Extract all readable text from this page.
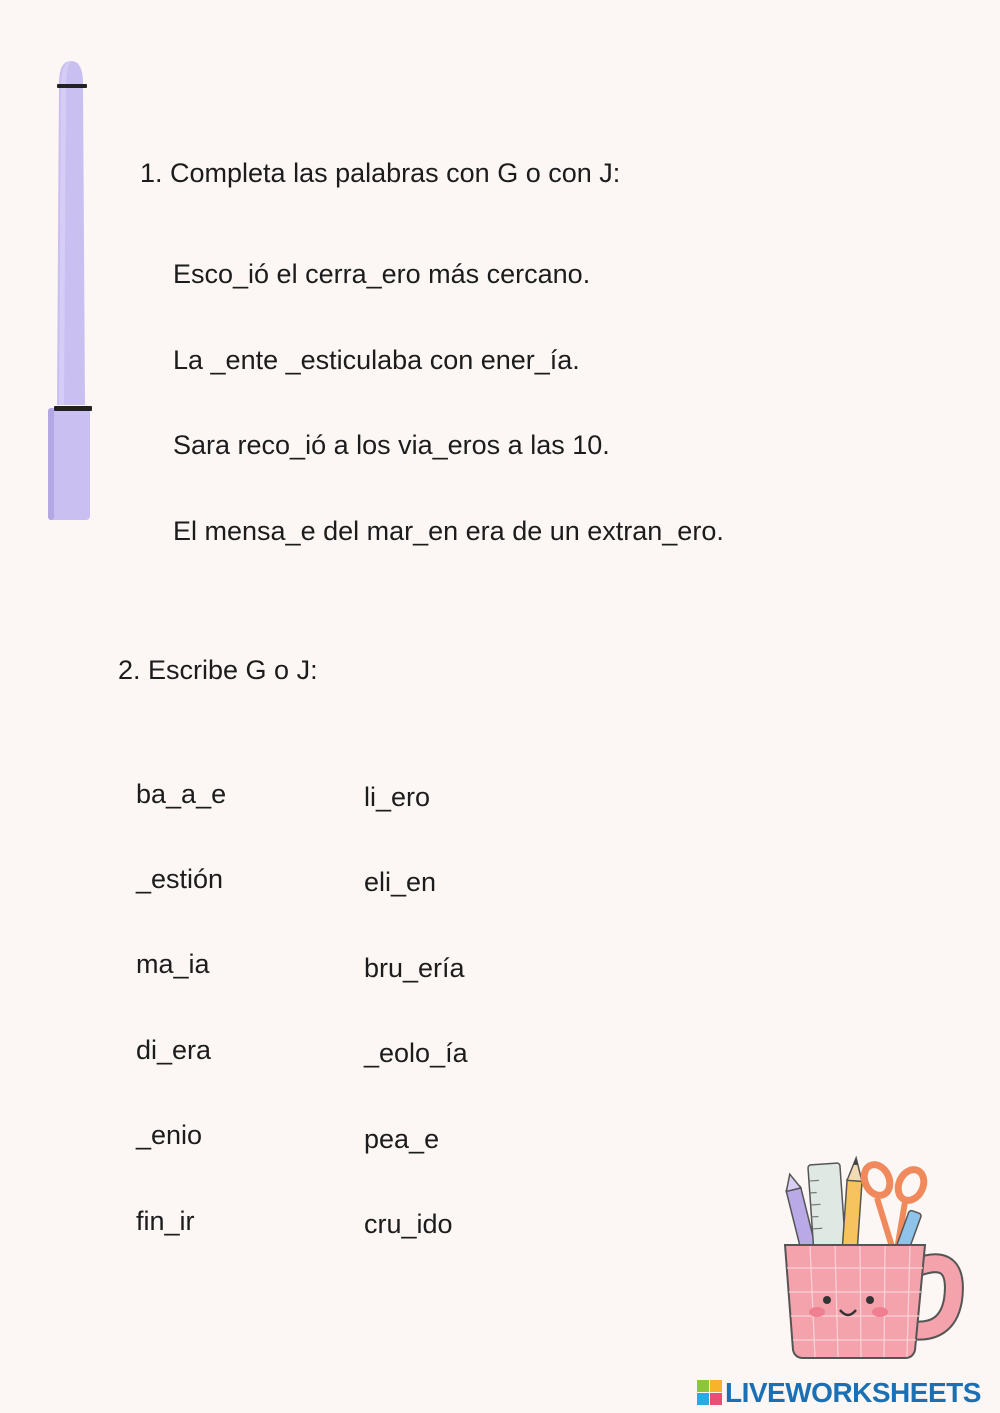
1. Completa las palabras con G o con J:
Esco_ió el cerra_ero más cercano.
La _ente _esticulaba con ener_ía.
Sara reco_ió a los via_eros a las 10.
El mensa_e del mar_en era de un extran_ero.
2. Escribe G o J:
ba_a_e
_estión
ma_ia
di_era
_enio
fin_ir
li_ero
eli_en
bru_ería
_eolo_ía
pea_e
cru_ido
LIVEWORKSHEETS
